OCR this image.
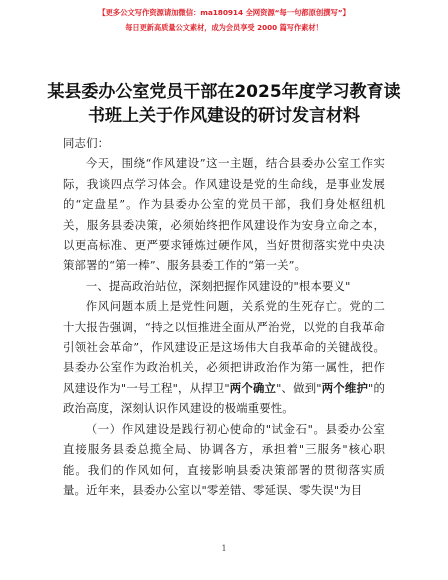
【更多公文写作资源请加微信：ma180914 全网资源“每一句都原创撰写”】
每日更新高质量公文素材，成为会员享受 2000 篇写作素材！
某县委办公室党员干部在2025年度学习教育读书班上关于作风建设的研讨发言材料

同志们：

今天，围绕“作风建设”这一主题，结合县委办公室工作实际，我谈四点学习体会。作风建设是党的生命线，是事业发展的“定盘星”。作为县委办公室的党员干部，我们身处枢纽机关，服务县委决策，必须始终把作风建设作为安身立命之本，以更高标准、更严要求锤炼过硬作风，当好贯彻落实党中央决策部署的“第一棒”、服务县委工作的“第一关”。

一、提高政治站位，深刻把握作风建设的"根本要义"

作风问题本质上是党性问题，关系党的生死存亡。党的二十大报告强调，“持之以恒推进全面从严治党，以党的自我革命引领社会革命”，作风建设正是这场伟大自我革命的关键战役。县委办公室作为政治机关，必须把讲政治作为第一属性，把作风建设作为"一号工程"，从捍卫"两个确立"、做到"两个维护"的政治高度，深刻认识作风建设的极端重要性。

（一）作风建设是践行初心使命的"试金石"。县委办公室直接服务县委总揽全局、协调各方，承担着"三服务"核心职能。我们的作风如何，直接影响县委决策部署的贯彻落实质量。近年来，县委办公室以"零差错、零延误、零失误"为目

1
